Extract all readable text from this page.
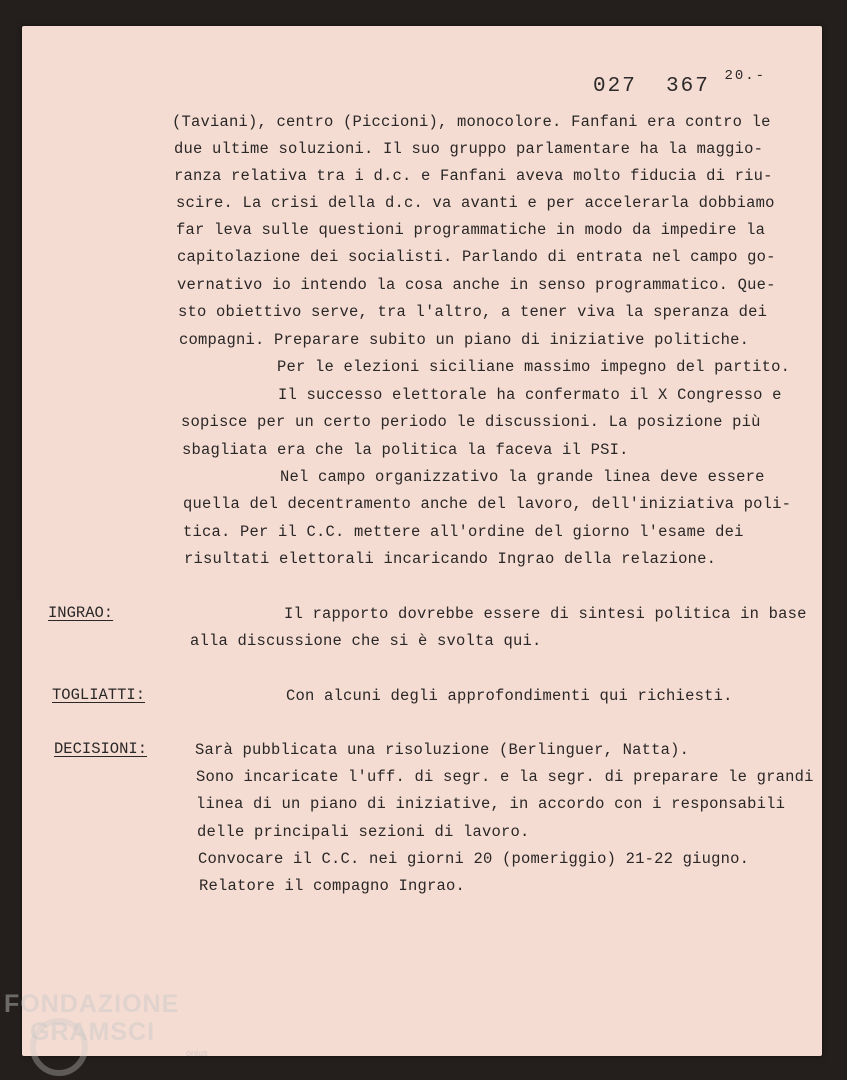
027  367 $^{20.-}$
(Taviani), centro (Piccioni), monocolore. Fanfani era contro le
due ultime soluzioni. Il suo gruppo parlamentare ha la maggio-
ranza relativa tra i d.c. e Fanfani aveva molto fiducia di riu-
scire. La crisi della d.c. va avanti e per accelerarla dobbiamo
far leva sulle questioni programmatiche in modo da impedire la
capitolazione dei socialisti. Parlando di entrata nel campo go-
vernativo io intendo la cosa anche in senso programmatico. Que-
sto obiettivo serve, tra l'altro, a tener viva la speranza dei
compagni. Preparare subito un piano di iniziative politiche.
Per le elezioni siciliane massimo impegno del partito.
Il successo elettorale ha confermato il X Congresso e
sopisce per un certo periodo le discussioni. La posizione più
sbagliata era che la politica la faceva il PSI.
Nel campo organizzativo la grande linea deve essere
quella del decentramento anche del lavoro, dell'iniziativa poli-
tica. Per il C.C. mettere all'ordine del giorno l'esame dei
risultati elettorali incaricando Ingrao della relazione.
INGRAO:	Il rapporto dovrebbe essere di sintesi politica in base
alla discussione che si è svolta qui.
TOGLIATTI:	Con alcuni degli approfondimenti qui richiesti.
DECISIONI:	Sarà pubblicata una risoluzione (Berlinguer, Natta).
Sono incaricate l'uff. di segr. e la segr. di preparare le grandi
linea di un piano di iniziative, in accordo con i responsabili
delle principali sezioni di lavoro.
Convocare il C.C. nei giorni 20 (pomeriggio) 21-22 giugno.
Relatore il compagno Ingrao.
FONDAZIONE
GRAMSCI
onlus
